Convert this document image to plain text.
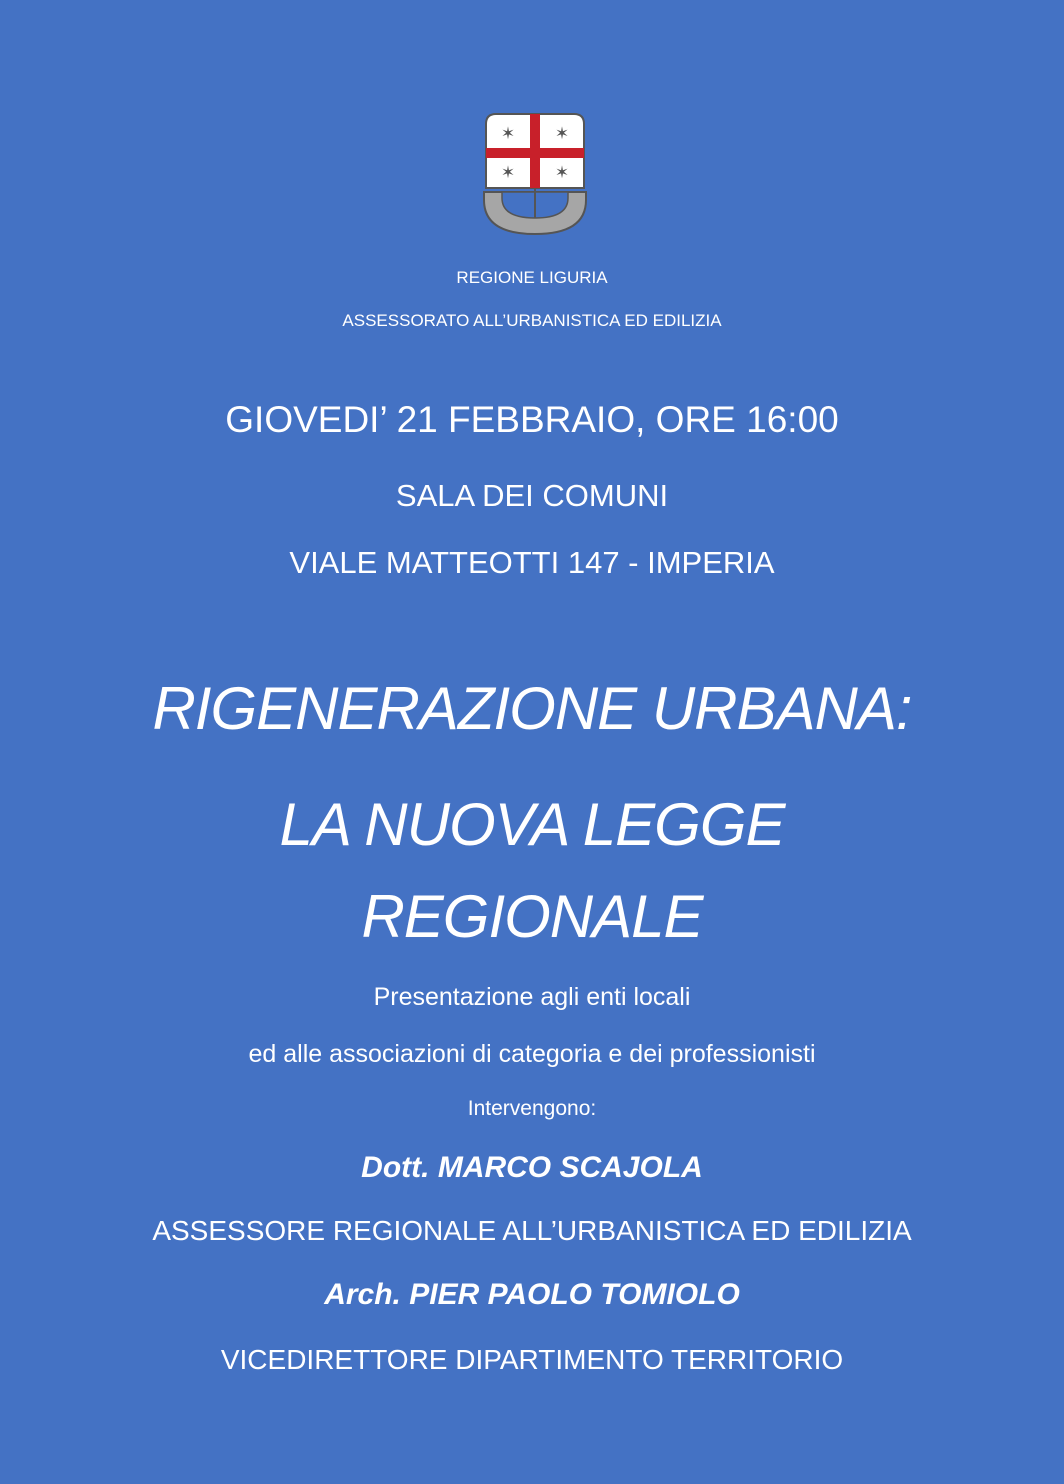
✶ ✶
✶ ✶
REGIONE LIGURIA
ASSESSORATO ALL’URBANISTICA ED EDILIZIA
GIOVEDI’ 21 FEBBRAIO, ORE 16:00
SALA DEI COMUNI
VIALE MATTEOTTI 147 - IMPERIA
RIGENERAZIONE URBANA:
LA NUOVA LEGGE
REGIONALE
Presentazione agli enti locali
ed alle associazioni di categoria e dei professionisti
Intervengono:
Dott. MARCO SCAJOLA
ASSESSORE REGIONALE ALL’URBANISTICA ED EDILIZIA
Arch. PIER PAOLO TOMIOLO
VICEDIRETTORE DIPARTIMENTO TERRITORIO
